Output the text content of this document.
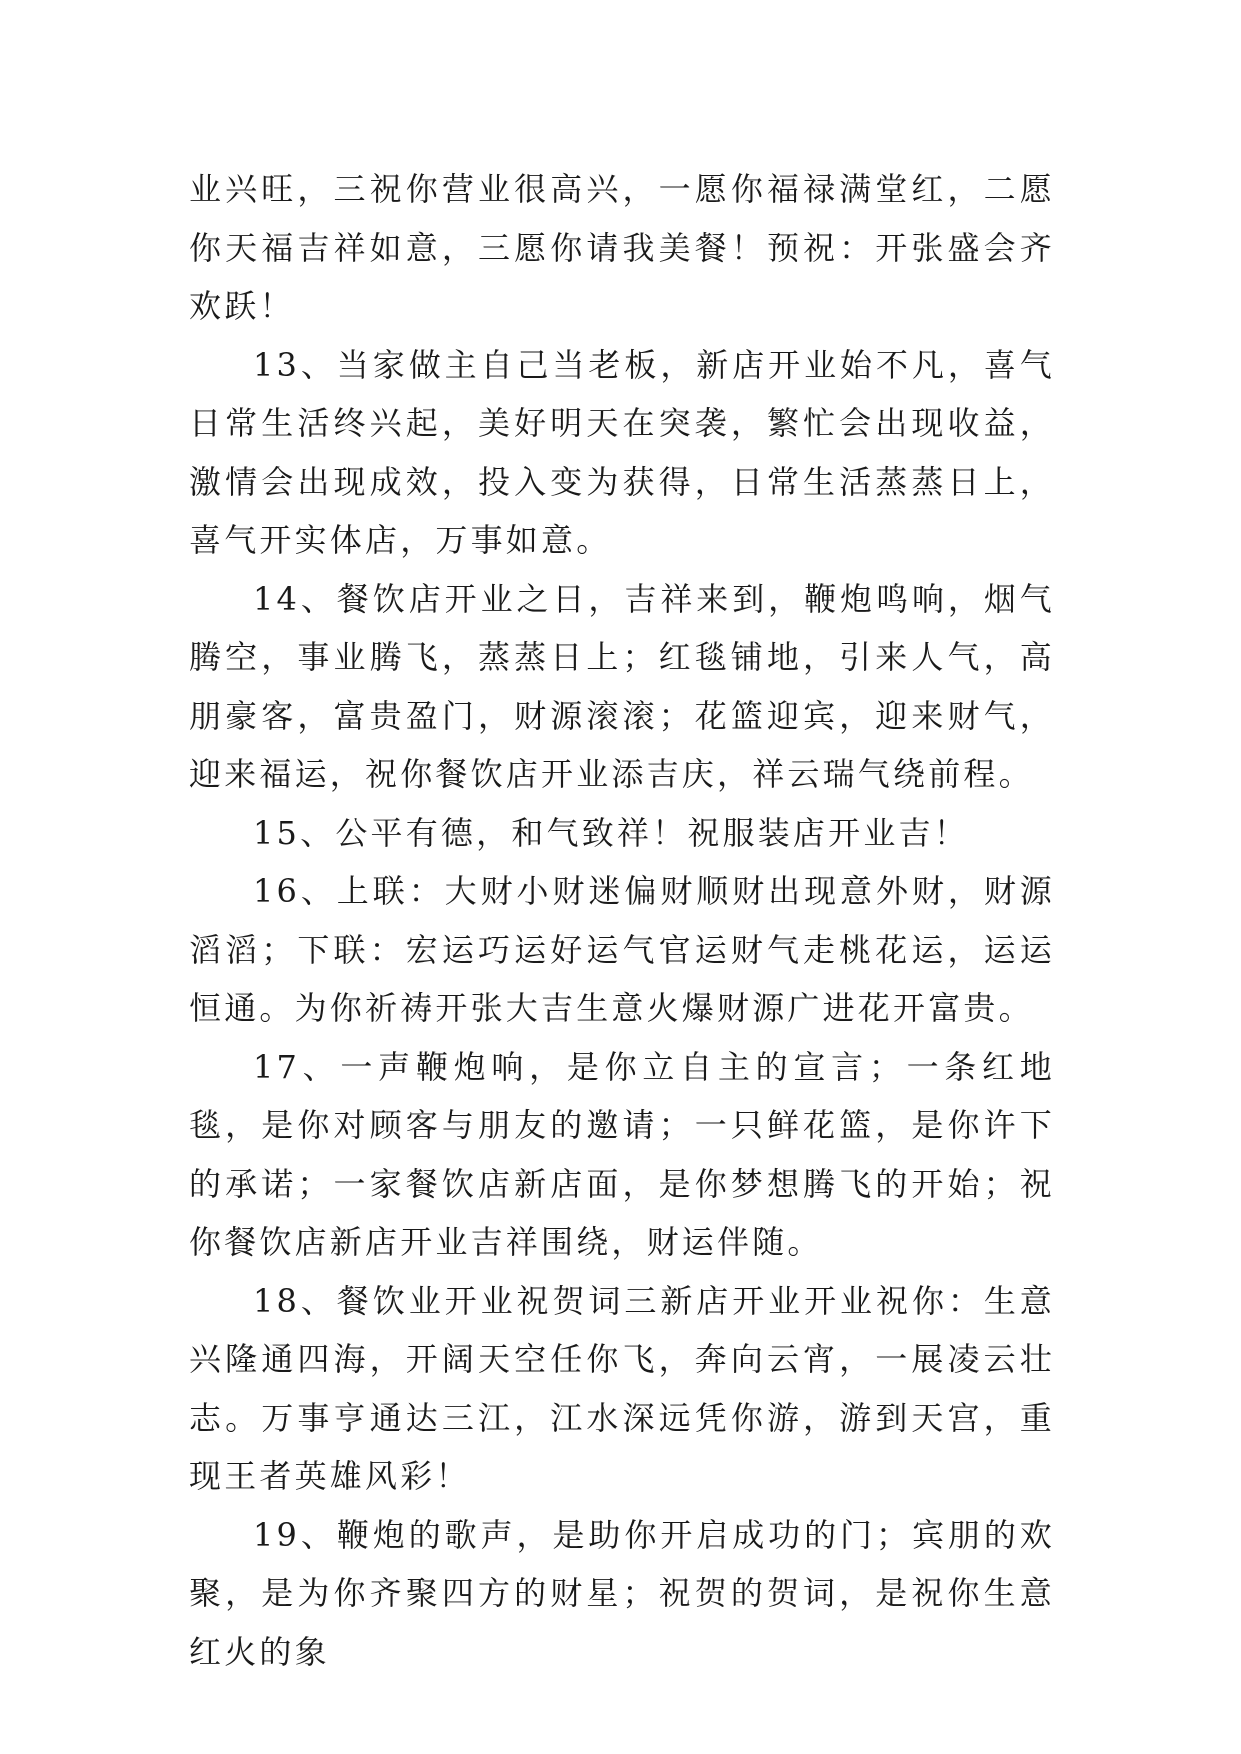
业兴旺，三祝你营业很高兴，一愿你福禄满堂红，二愿你天福吉祥如意，三愿你请我美餐！预祝：开张盛会齐欢跃！

13、当家做主自己当老板，新店开业始不凡，喜气日常生活终兴起，美好明天在突袭，繁忙会出现收益，激情会出现成效，投入变为获得，日常生活蒸蒸日上，喜气开实体店，万事如意。

14、餐饮店开业之日，吉祥来到，鞭炮鸣响，烟气腾空，事业腾飞，蒸蒸日上；红毯铺地，引来人气，高朋豪客，富贵盈门，财源滚滚；花篮迎宾，迎来财气，迎来福运，祝你餐饮店开业添吉庆，祥云瑞气绕前程。

15、公平有德，和气致祥！祝服装店开业吉！

16、上联：大财小财迷偏财顺财出现意外财，财源滔滔；下联：宏运巧运好运气官运财气走桃花运，运运恒通。为你祈祷开张大吉生意火爆财源广进花开富贵。

17、一声鞭炮响，是你立自主的宣言；一条红地毯，是你对顾客与朋友的邀请；一只鲜花篮，是你许下的承诺；一家餐饮店新店面，是你梦想腾飞的开始；祝你餐饮店新店开业吉祥围绕，财运伴随。

18、餐饮业开业祝贺词三新店开业开业祝你：生意兴隆通四海，开阔天空任你飞，奔向云宵，一展凌云壮志。万事亨通达三江，江水深远凭你游，游到天宫，重现王者英雄风彩！

19、鞭炮的歌声，是助你开启成功的门；宾朋的欢聚，是为你齐聚四方的财星；祝贺的贺词，是祝你生意红火的象
